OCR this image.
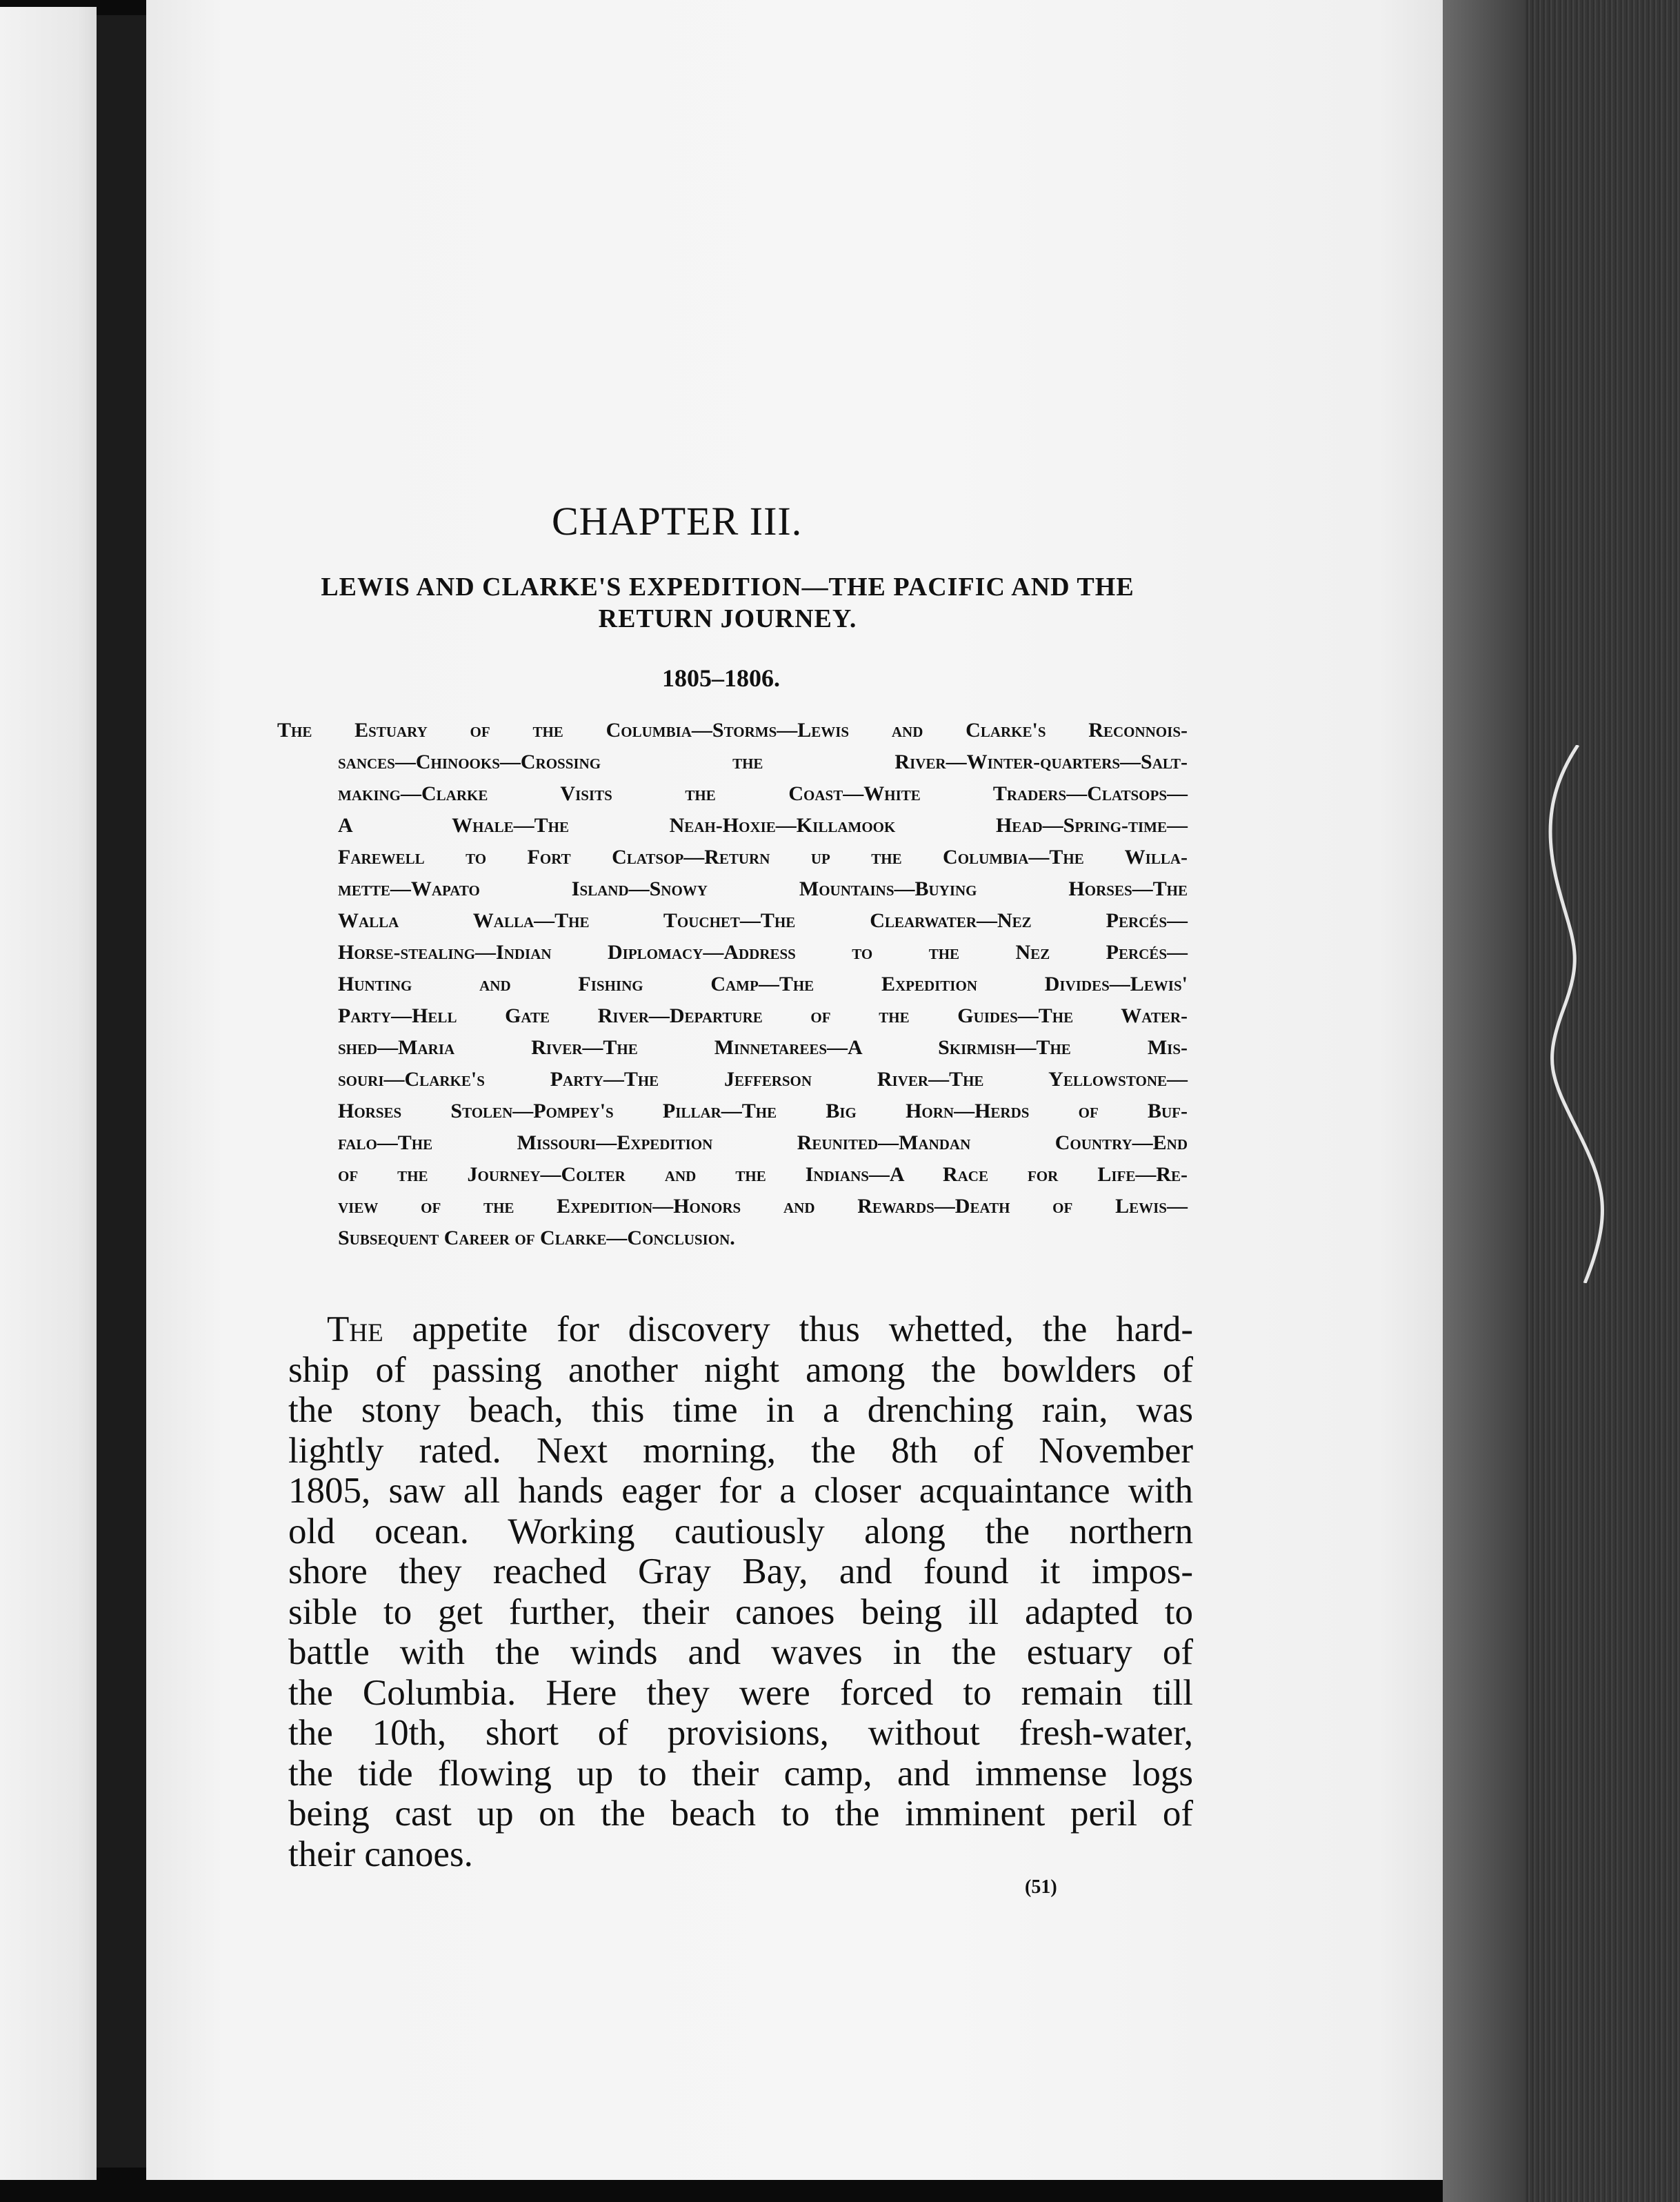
CHAPTER III.
LEWIS AND CLARKE'S EXPEDITION—THE PACIFIC AND THE
RETURN JOURNEY.
1805–1806.
The Estuary of the Columbia—Storms—Lewis and Clarke's Reconnois-
sances—Chinooks—Crossing the River—Winter-quarters—Salt-
making—Clarke Visits the Coast—White Traders—Clatsops—
A Whale—The Neah-Hoxie—Killamook Head—Spring-time—
Farewell to Fort Clatsop—Return up the Columbia—The Willa-
mette—Wapato Island—Snowy Mountains—Buying Horses—The
Walla Walla—The Touchet—The Clearwater—Nez Percés—
Horse-stealing—Indian Diplomacy—Address to the Nez Percés—
Hunting and Fishing Camp—The Expedition Divides—Lewis'
Party—Hell Gate River—Departure of the Guides—The Water-
shed—Maria River—The Minnetarees—A Skirmish—The Mis-
souri—Clarke's Party—The Jefferson River—The Yellowstone—
Horses Stolen—Pompey's Pillar—The Big Horn—Herds of Buf-
falo—The Missouri—Expedition Reunited—Mandan Country—End
of the Journey—Colter and the Indians—A Race for Life—Re-
view of the Expedition—Honors and Rewards—Death of Lewis—
Subsequent Career of Clarke—Conclusion.
The appetite for discovery thus whetted, the hard-
ship of passing another night among the bowlders of
the stony beach, this time in a drenching rain, was
lightly rated. Next morning, the 8th of November
1805, saw all hands eager for a closer acquaintance with
old ocean. Working cautiously along the northern
shore they reached Gray Bay, and found it impos-
sible to get further, their canoes being ill adapted to
battle with the winds and waves in the estuary of
the Columbia. Here they were forced to remain till
the 10th, short of provisions, without fresh-water,
the tide flowing up to their camp, and immense logs
being cast up on the beach to the imminent peril of
their canoes.
(51)
